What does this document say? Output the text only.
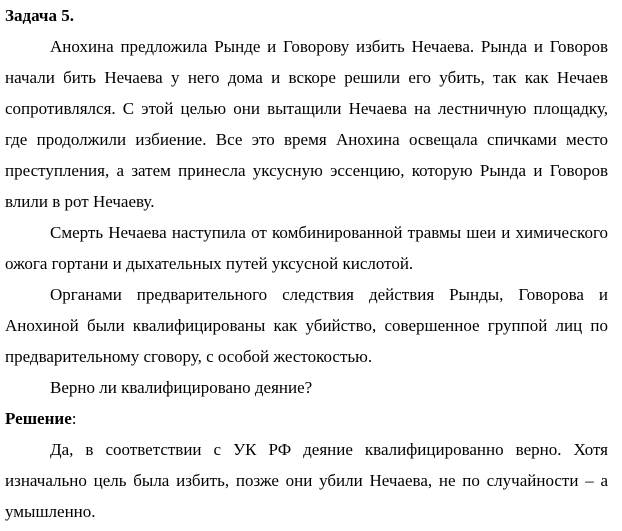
Задача 5.

Анохина предложила Рынде и Говорову избить Нечаева. Рында и Говоров начали бить Нечаева у него дома и вскоре решили его убить, так как Нечаев сопротивлялся. С этой целью они вытащили Нечаева на лестничную площадку, где продолжили избиение. Все это время Анохина освещала спичками место преступления, а затем принесла уксусную эссенцию, которую Рында и Говоров влили в рот Нечаеву.

Смерть Нечаева наступила от комбинированной травмы шеи и химического ожога гортани и дыхательных путей уксусной кислотой.

Органами предварительного следствия действия Рынды, Говорова и Анохиной были квалифицированы как убийство, совершенное группой лиц по предварительному сговору, с особой жестокостью.

Верно ли квалифицировано деяние?

Решение:

Да, в соответствии с УК РФ деяние квалифицированно верно. Хотя изначально цель была избить, позже они убили Нечаева, не по случайности – а умышленно.
